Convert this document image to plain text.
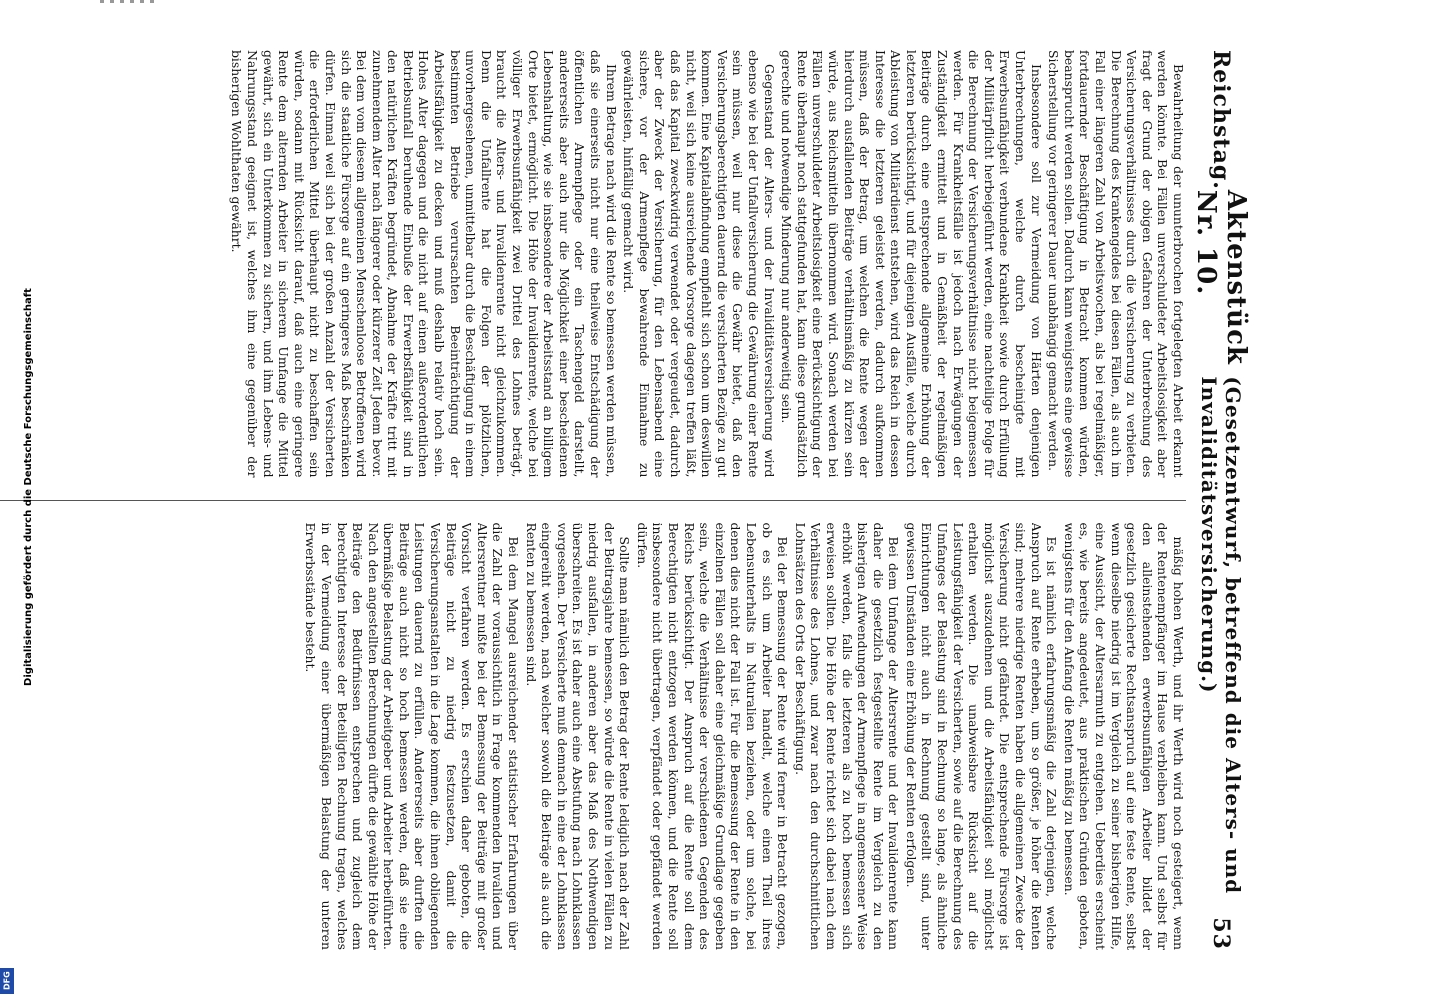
Reichstag.
Aktenstück Nr. 10.
(Gesetzentwurf, betreffend die Alters- und Invaliditätsversicherung.)
53

Bewahrheitung der ununterbrochen fortgelegten Arbeit erkannt werden könnte. Bei Fällen unverschuldeter Arbeitslosigkeit aber fragt der Grund der obigen Gefahren der Unterbrechung des Versicherungsverhältnisses durch die Versicherung zu verbieten. Die Berechnung des Krankengeldes bei diesen Fällen, als auch im Fall einer längeren Zahl von Arbeitswochen, als bei regelmäßiger, fortdauernder Beschäftigung in Betracht kommen würden, beansprucht werden sollen. Dadurch kann wenigstens eine gewisse Sicherstellung vor geringerer Dauer unabhängig gemacht werden.

Insbesondere soll zur Vermeidung von Härten denjenigen Unterbrechungen, welche durch bescheinigte mit Erwerbsunfähigkeit verbundene Krankheit sowie durch Erfüllung der Militärpflicht herbeigeführt werden, eine nachteilige Folge für die Berechnung der Versicherungsverhältnisse nicht beigemessen werden. Für Krankheitsfälle ist jedoch nach Erwägungen der Zuständigkeit ermittelt und in Gemäßheit der regelmäßigen Beiträge durch eine entsprechende allgemeine Erhöhung der letzteren berücksichtigt, und für diejenigen Ausfälle, welche durch Ableistung von Militärdienst entstehen, wird das Reich in dessen Interesse die letzteren geleistet werden, dadurch aufkommen müssen, daß der Betrag, um welchen die Rente wegen der hierdurch ausfallenden Beiträge verhältnismäßig zu kürzen sein würde, aus Reichsmitteln übernommen wird. Sonach werden bei Fällen unverschuldeter Arbeitslosigkeit eine Berücksichtigung der Rente überhaupt noch stattgefunden hat, kann diese grundsätzlich gerechte und notwendige Minderung nur anderweitig sein.

Gegenstand der Alters- und der Invaliditätsversicherung wird ebenso wie bei der Unfallversicherung die Gewährung einer Rente sein müssen, weil nur diese die Gewähr bietet, daß den Versicherungsberechtigten dauernd die versicherten Bezüge zu gut kommen. Eine Kapitalabfindung empfiehlt sich schon um deswillen nicht, weil sich keine ausreichende Vorsorge dagegen treffen läßt, daß das Kapital zweckwidrig verwendet oder vergeudet, dadurch aber der Zweck der Versicherung, für den Lebensabend eine sichere, vor der Armenpflege bewahrende Einnahme zu gewährleisten, hinfällig gemacht wird.

Ihrem Betrage nach wird die Rente so bemessen werden müssen, daß sie einerseits nicht nur eine theilweise Entschädigung der öffentlichen Armenpflege oder ein Taschengeld darstellt, andererseits aber auch nur die Möglichkeit einer bescheidenen Lebenshaltung, wie sie insbesondere der Arbeitsstand an billigem Orte bietet, ermöglicht. Die Höhe der Invalidenrente, welche bei völliger Erwerbsunfähigkeit zwei Drittel des Lohnes beträgt, braucht die Alters- und Invalidenrente nicht gleichzukommen. Denn die Unfallrente hat die Folgen der plötzlichen, unvorhergesehenen, unmittelbar durch die Beschäftigung in einem bestimmten Betriebe verursachten Beeinträchtigung der Arbeitsfähigkeit zu decken und muß deshalb relativ hoch sein. Hohes Alter dagegen und die nicht auf einen außerordentlichen Betriebsunfall beruhende Einbuße der Erwerbsfähigkeit sind in den natürlichen Kräften begründet, Abnahme der Kräfte tritt mit zunehmendem Alter nach längerer oder kürzerer Zeit Jedem bevor. Bei dem vom diesem allgemeinen Menschenloose Betroffenen wird sich die staatliche Fürsorge auf ein geringeres Maß beschränken dürfen. Einmal weil sich bei der großen Anzahl der Versicherten die erforderlichen Mittel überhaupt nicht zu beschaffen sein würden, sodann mit Rücksicht darauf, daß auch eine geringere Rente dem alternden Arbeiter in sicherem Umfange die Mittel gewährt, sich ein Unterkommen zu sichern, und ihm Lebens- und Nahrungsstand geeignet ist, welches ihm eine gegenüber der bisherigen Wohlthaten gewährt.

mäßig hohen Werth, und ihr Werth wird noch gesteigert, wenn der Rentenempfänger im Hause verbleiben kann. Und selbst für den alleinstehenden erwerbsunfähigen Arbeiter bildet der gesetzlich gesicherte Rechtsanspruch auf eine feste Rente, selbst wenn dieselbe niedrig ist im Vergleich zu seiner bisherigen Hilfe, eine Aussicht, der Altersarmuth zu entgehen. Ueberdies erscheint es, wie bereits angedeutet, aus praktischen Gründen geboten, wenigstens für den Anfang die Renten mäßig zu bemessen.

Es ist nämlich erfahrungsmäßig die Zahl derjenigen, welche Anspruch auf Rente erheben, um so größer, je höher die Renten sind; mehrere niedrige Renten haben die allgemeinen Zwecke der Versicherung nicht gefährdet. Die entsprechende Fürsorge ist möglichst auszudehnen und die Arbeitsfähigkeit soll möglichst erhalten werden. Die unabweisbare Rücksicht auf die Leistungsfähigkeit der Versicherten, sowie auf die Berechnung des Umfanges der Belastung sind in Rechnung so lange, als ähnliche Einrichtungen nicht auch in Rechnung gestellt sind, unter gewissen Umständen eine Erhöhung der Renten erfolgen.

Bei dem Umfange der Altersrente und der Invalidenrente kann daher die gesetzlich festgestellte Rente im Vergleich zu den bisherigen Aufwendungen der Armenpflege in angemessener Weise erhöht werden, falls die letzteren als zu hoch bemessen sich erweisen sollten. Die Höhe der Rente richtet sich dabei nach dem Verhältnisse des Lohnes, und zwar nach den durchschnittlichen Lohnsätzen des Orts der Beschäftigung.

Bei der Bemessung der Rente wird ferner in Betracht gezogen, ob es sich um Arbeiter handelt, welche einen Theil ihres Lebensunterhalts in Naturalien beziehen, oder um solche, bei denen dies nicht der Fall ist. Für die Bemessung der Rente in den einzelnen Fällen soll daher eine gleichmäßige Grundlage gegeben sein, welche die Verhältnisse der verschiedenen Gegenden des Reichs berücksichtigt. Der Anspruch auf die Rente soll dem Berechtigten nicht entzogen werden können, und die Rente soll insbesondere nicht übertragen, verpfändet oder gepfändet werden dürfen.

Sollte man nämlich den Betrag der Rente lediglich nach der Zahl der Beitragsjahre bemessen, so würde die Rente in vielen Fällen zu niedrig ausfallen, in anderen aber das Maß des Nothwendigen überschreiten. Es ist daher auch eine Abstufung nach Lohnklassen vorgesehen. Der Versicherte muß demnach in eine der Lohnklassen eingereiht werden, nach welcher sowohl die Beiträge als auch die Renten zu bemessen sind.

Bei dem Mangel ausreichender statistischer Erfahrungen über die Zahl der voraussichtlich in Frage kommenden Invaliden und Altersrentner mußte bei der Bemessung der Beiträge mit großer Vorsicht verfahren werden. Es erschien daher geboten, die Beiträge nicht zu niedrig festzusetzen, damit die Versicherungsanstalten in die Lage kommen, die ihnen obliegenden Leistungen dauernd zu erfüllen. Andererseits aber durften die Beiträge auch nicht so hoch bemessen werden, daß sie eine übermäßige Belastung der Arbeitgeber und Arbeiter herbeiführten. Nach den angestellten Berechnungen dürfte die gewählte Höhe der Beiträge den Bedürfnissen entsprechen und zugleich dem berechtigten Interesse der Beteiligten Rechnung tragen, welches in der Vermeidung einer übermäßigen Belastung der unteren Erwerbsstände besteht.

Digitalisierung gefördert durch die Deutsche Forschungsgemeinschaft
DFG
